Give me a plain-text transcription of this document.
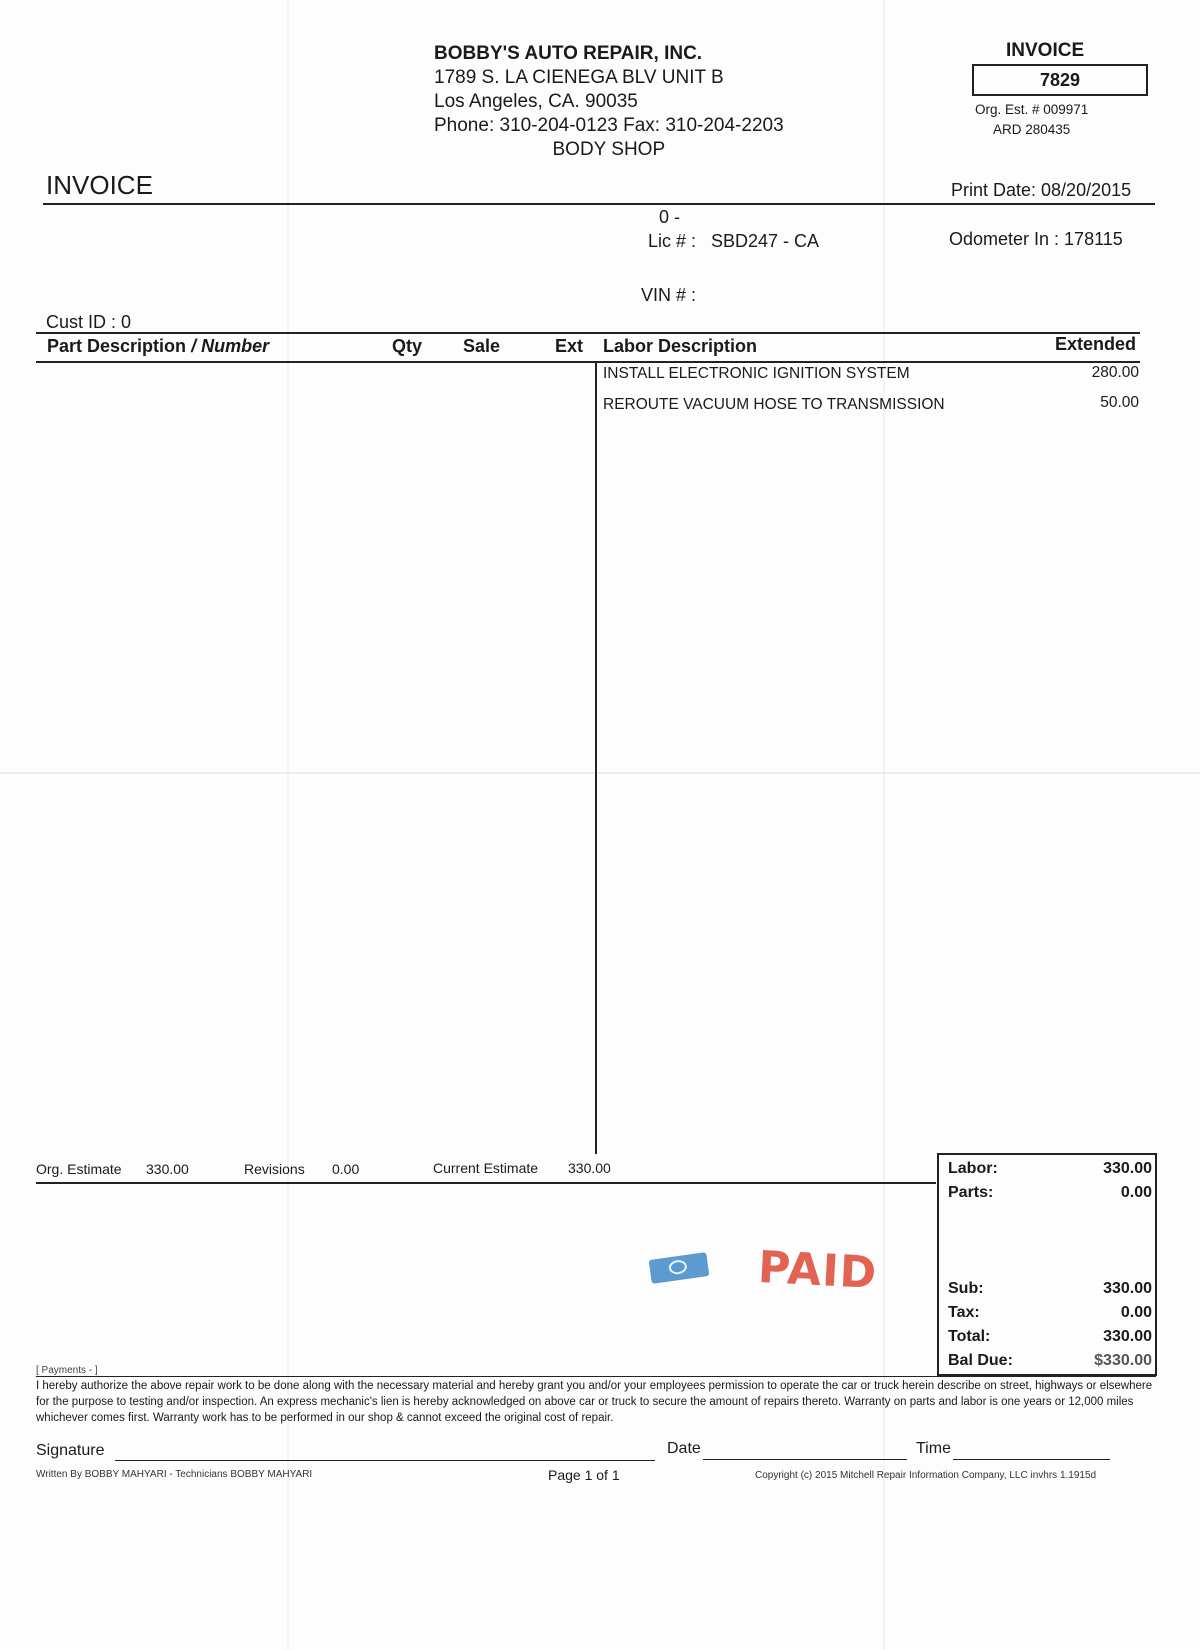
BOBBY'S AUTO REPAIR, INC.
1789 S. LA CIENEGA BLV UNIT B
Los Angeles, CA. 90035
Phone: 310-204-0123 Fax: 310-204-2203
BODY SHOP
INVOICE
7829
Org. Est. # 009971
ARD 280435
INVOICE	Print Date: 08/20/2015
0 -
Lic # : SBD247 - CA
VIN # :
Odometer In : 178115
Cust ID : 0
Part Description / Number	Qty Sale	Ext Labor Description	Extended
INSTALL ELECTRONIC IGNITION SYSTEM	280.00
REROUTE VACUUM HOSE TO TRANSMISSION	50.00
Org. Estimate 330.00	Revisions 0.00	Current Estimate 330.00	Labor:	330.00
Parts:	0.00
Sub:	330.00
Tax:	0.00
Total:	330.00
Bal Due:	$330.00
PAID
[ Payments - ]
I hereby authorize the above repair work to be done along with the necessary material and hereby grant you and/or your employees permission to operate the car or truck herein describe on street, highways or elsewhere for the purpose to testing and/or inspection. An express mechanic's lien is hereby acknowledged on above car or truck to secure the amount of repairs thereto. Warranty on parts and labor is one years or 12,000 miles whichever comes first. Warranty work has to be performed in our shop & cannot exceed the original cost of repair.
Signature	Date	Time
Written By BOBBY MAHYARI - Technicians BOBBY MAHYARI	Page 1 of 1	Copyright (c) 2015 Mitchell Repair Information Company, LLC invhrs 1.1915d
